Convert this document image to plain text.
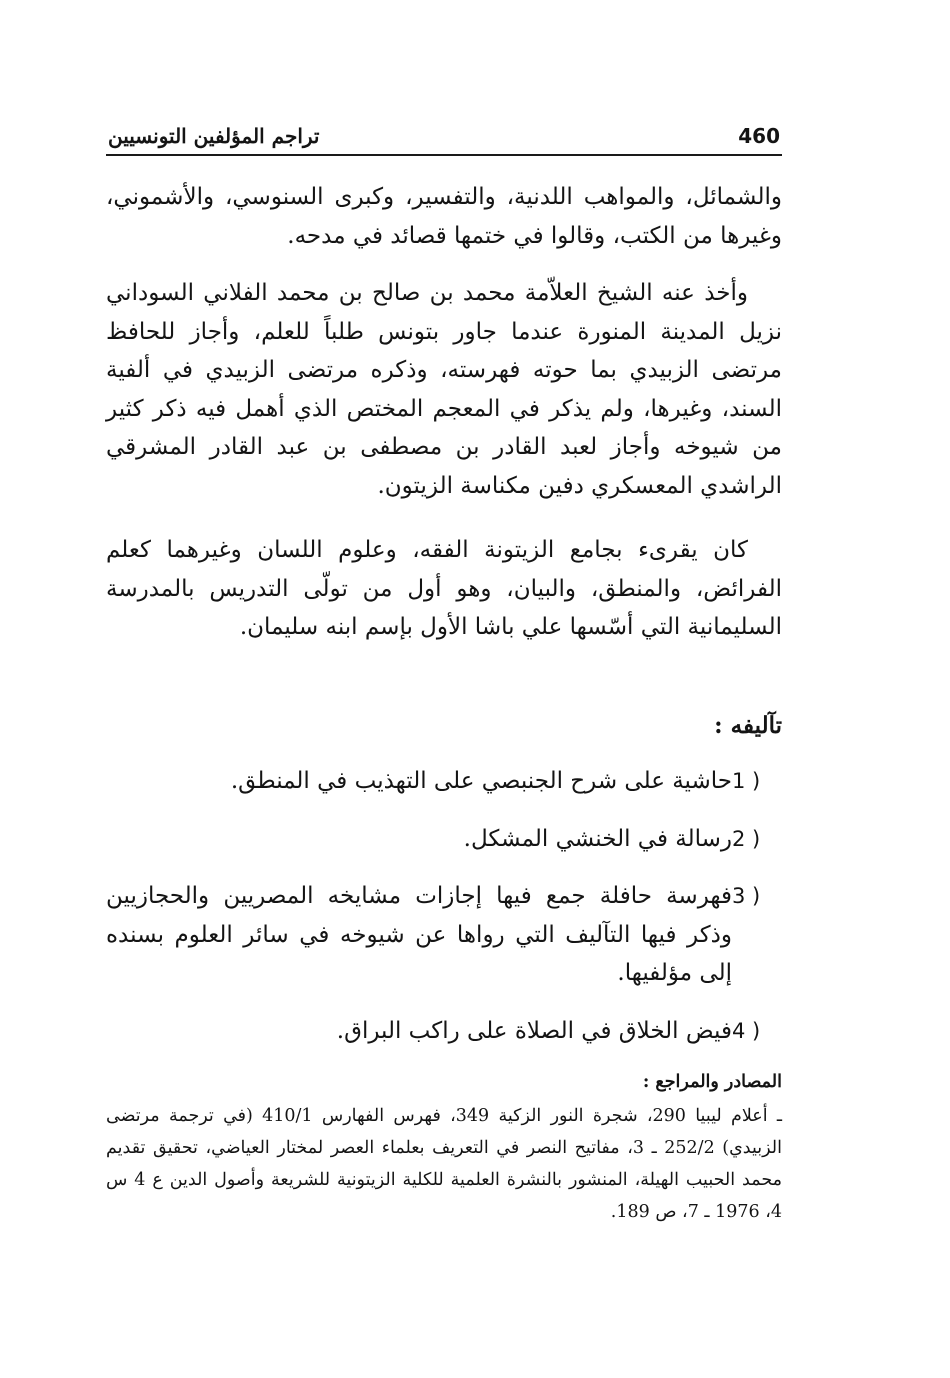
تراجم المؤلفين التونسيين	460

والشمائل، والمواهب اللدنية، والتفسير، وكبرى السنوسي، والأشموني، وغيرها من الكتب، وقالوا في ختمها قصائد في مدحه.

وأخذ عنه الشيخ العلاّمة محمد بن صالح بن محمد الفلاني السوداني نزيل المدينة المنورة عندما جاور بتونس طلباً للعلم، وأجاز للحافظ مرتضى الزبيدي بما حوته فهرسته، وذكره مرتضى الزبيدي في ألفية السند، وغيرها، ولم يذكر في المعجم المختص الذي أهمل فيه ذكر كثير من شيوخه وأجاز لعبد القادر بن مصطفى بن عبد القادر المشرقي الراشدي المعسكري دفين مكناسة الزيتون.

كان يقرىء بجامع الزيتونة الفقه، وعلوم اللسان وغيرهما كعلم الفرائض، والمنطق، والبيان، وهو أول من تولّى التدريس بالمدرسة السليمانية التي أسّسها علي باشا الأول بإسم ابنه سليمان.

تآليفه :
1 )
حاشية على شرح الجنبصي على التهذيب في المنطق.
2 )
رسالة في الخنشي المشكل.
3 )
فهرسة حافلة جمع فيها إجازات مشايخه المصريين والحجازيين وذكر فيها التآليف التي رواها عن شيوخه في سائر العلوم بسنده إلى مؤلفيها.
4 )
فيض الخلاق في الصلاة على راكب البراق.
المصادر والمراجع :

ـ أعلام ليبيا 290، شجرة النور الزكية 349، فهرس الفهارس 410/1 (في ترجمة مرتضى الزبيدي) 252/2 ـ 3، مفاتيح النصر في التعريف بعلماء العصر لمختار العياضي، تحقيق تقديم محمد الحبيب الهيلة، المنشور بالنشرة العلمية للكلية الزيتونية للشريعة وأصول الدين ع 4 س 4، 1976 ـ 7، ص 189.
